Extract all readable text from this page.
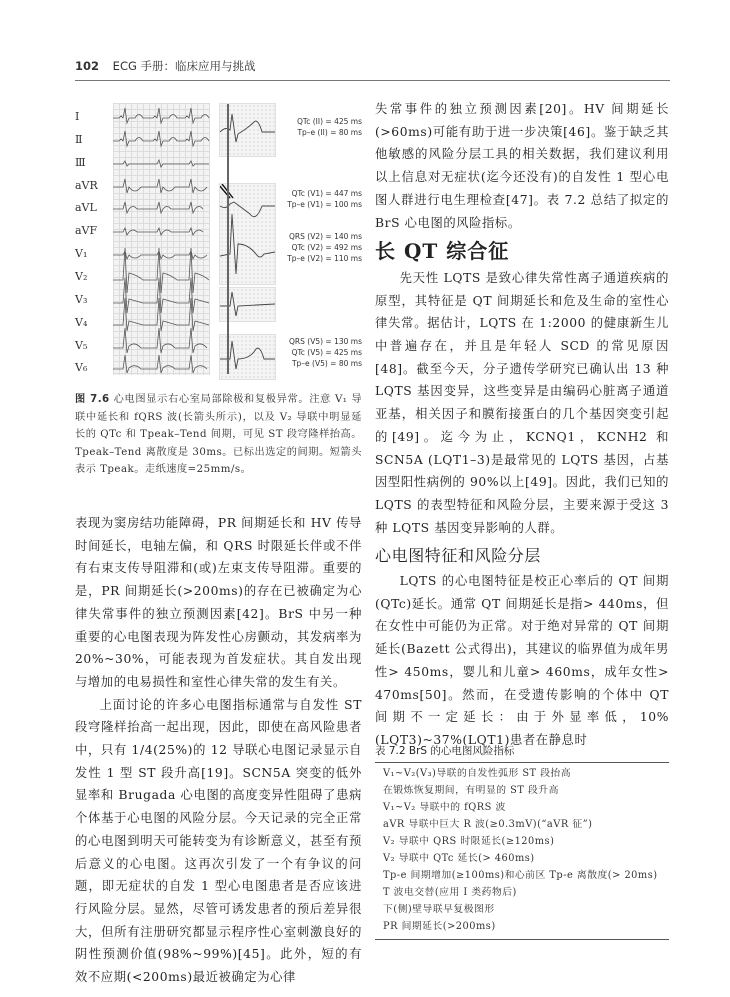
102 ECG 手册：临床应用与挑战
Ⅰ
Ⅱ
Ⅲ
aVR
aVL
aVF
V₁
V₂
V₃
V₄
V₅
V₆
QTc (II) = 425 ms
Tp–e (II) = 80 ms
QTc (V1) = 447 ms
Tp–e (V1) = 100 ms
QRS (V2) = 140 ms
QTc (V2) = 492 ms
Tp–e (V2) = 110 ms
QRS (V5) = 130 ms
QTc (V5) = 425 ms
Tp–e (V5) = 80 ms
图 7.6 心电图显示右心室局部除极和复极异常。注意 V₁ 导联中延长和 fQRS 波(长箭头所示)，以及 V₂ 导联中明显延长的 QTc 和 Tpeak–Tend 间期，可见 ST 段穹隆样抬高。Tpeak–Tend 离散度是 30ms。已标出选定的间期。短箭头表示 Tpeak。走纸速度=25mm/s。

表现为窦房结功能障碍，PR 间期延长和 HV 传导时间延长，电轴左偏，和 QRS 时限延长伴或不伴有右束支传导阻滞和(或)左束支传导阻滞。重要的是，PR 间期延长(>200ms)的存在已被确定为心律失常事件的独立预测因素[42]。BrS 中另一种重要的心电图表现为阵发性心房颤动，其发病率为 20%~30%，可能表现为首发症状。其自发出现与增加的电易损性和室性心律失常的发生有关。

上面讨论的许多心电图指标通常与自发性 ST 段穹隆样抬高一起出现，因此，即使在高风险患者中，只有 1/4(25%)的 12 导联心电图记录显示自发性 1 型 ST 段升高[19]。SCN5A 突变的低外显率和 Brugada 心电图的高度变异性阻碍了患病个体基于心电图的风险分层。今天记录的完全正常的心电图到明天可能转变为有诊断意义，甚至有预后意义的心电图。这再次引发了一个有争议的问题，即无症状的自发 1 型心电图患者是否应该进行风险分层。显然，尽管可诱发患者的预后差异很大，但所有注册研究都显示程序性心室刺激良好的阴性预测价值(98%~99%)[45]。此外，短的有效不应期(<200ms)最近被确定为心律

失常事件的独立预测因素[20]。HV 间期延长(>60ms)可能有助于进一步决策[46]。鉴于缺乏其他敏感的风险分层工具的相关数据，我们建议利用以上信息对无症状(迄今还没有)的自发性 1 型心电图人群进行电生理检查[47]。表 7.2 总结了拟定的 BrS 心电图的风险指标。

长 QT 综合征

先天性 LQTS 是致心律失常性离子通道疾病的原型，其特征是 QT 间期延长和危及生命的室性心律失常。据估计，LQTS 在 1:2000 的健康新生儿中普遍存在，并且是年轻人 SCD 的常见原因[48]。截至今天，分子遗传学研究已确认出 13 种 LQTS 基因变异，这些变异是由编码心脏离子通道亚基，相关因子和膜衔接蛋白的几个基因突变引起的[49]。迄今为止，KCNQ1，KCNH2 和 SCN5A (LQT1–3)是最常见的 LQTS 基因，占基因型阳性病例的 90%以上[49]。因此，我们已知的 LQTS 的表型特征和风险分层，主要来源于受这 3 种 LQTS 基因变异影响的人群。

心电图特征和风险分层

LQTS 的心电图特征是校正心率后的 QT 间期(QTc)延长。通常 QT 间期延长是指> 440ms，但在女性中可能仍为正常。对于绝对异常的 QT 间期延长(Bazett 公式得出)，其建议的临界值为成年男性> 450ms，婴儿和儿童> 460ms，成年女性> 470ms[50]。然而，在受遗传影响的个体中 QT 间期不一定延长：由于外显率低，10%(LQT3)~37%(LQT1)患者在静息时

表 7.2 BrS 的心电图风险指标
V₁~V₂(V₃)导联的自发性弧形 ST 段抬高
在锻炼恢复期间，有明显的 ST 段升高
V₁~V₂ 导联中的 fQRS 波
aVR 导联中巨大 R 波(≥0.3mV)(“aVR 征”)
V₂ 导联中 QRS 时限延长(≥120ms)
V₂ 导联中 QTc 延长(> 460ms)
Tp-e 间期增加(≥100ms)和心前区 Tp-e 离散度(> 20ms)
T 波电交替(应用 Ⅰ 类药物后)
下(侧)壁导联早复极图形
PR 间期延长(>200ms)
